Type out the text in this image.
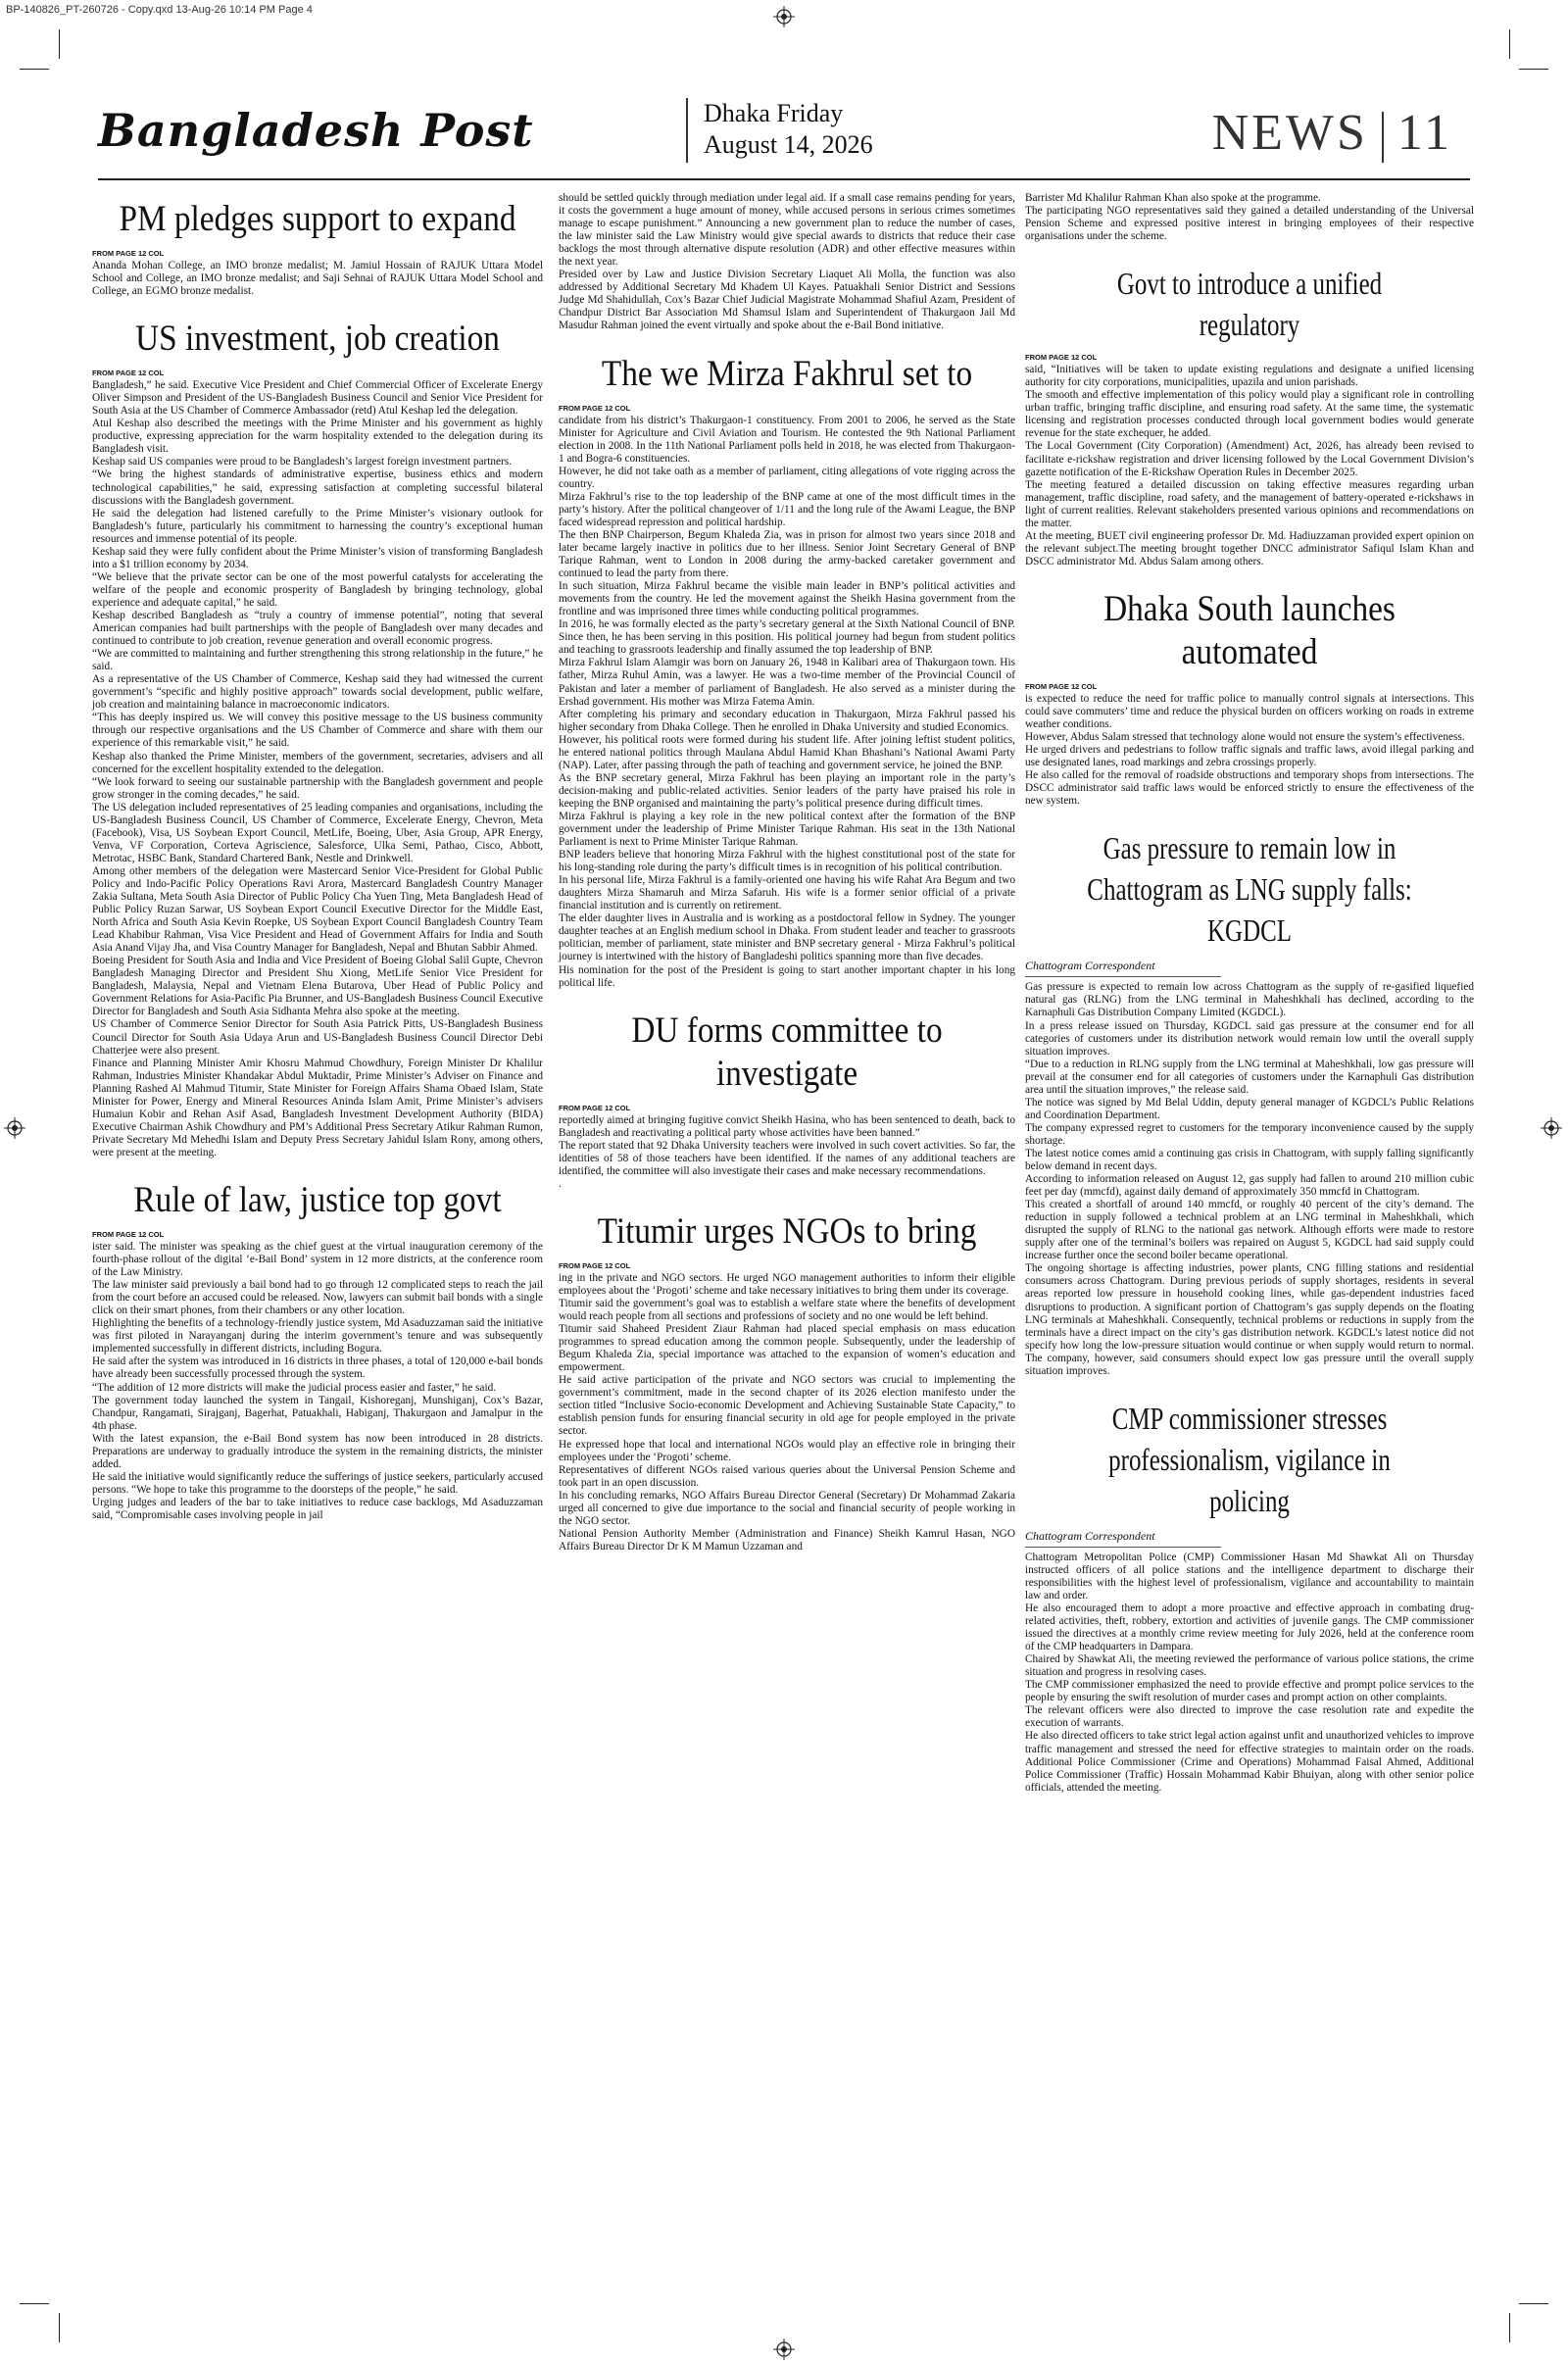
BP-140826_PT-260726 - Copy.qxd 13-Aug-26 10:14 PM Page 4
Bangladesh Post	Dhaka Friday
August 14, 2026	NEWS 11
PM pledges support to expand
FROM PAGE 12 COL

Ananda Mohan College, an IMO bronze medalist; M. Jamiul Hossain of RAJUK Uttara Model School and College, an IMO bronze medalist; and Saji Sehnai of RAJUK Uttara Model School and College, an EGMO bronze medalist.

US investment, job creation
FROM PAGE 12 COL

Bangladesh,” he said. Executive Vice President and Chief Commercial Officer of Excelerate Energy Oliver Simpson and President of the US-Bangladesh Business Council and Senior Vice President for South Asia at the US Chamber of Commerce Ambassador (retd) Atul Keshap led the delegation.

Atul Keshap also described the meetings with the Prime Minister and his government as highly productive, expressing appreciation for the warm hospitality extended to the delegation during its Bangladesh visit.

Keshap said US companies were proud to be Bangladesh’s largest foreign investment partners.

“We bring the highest standards of administrative expertise, business ethics and modern technological capabilities,” he said, expressing satisfaction at completing successful bilateral discussions with the Bangladesh government.

He said the delegation had listened carefully to the Prime Minister’s visionary outlook for Bangladesh’s future, particularly his commitment to harnessing the country’s exceptional human resources and immense potential of its people.

Keshap said they were fully confident about the Prime Minister’s vision of transforming Bangladesh into a $1 trillion economy by 2034.

“We believe that the private sector can be one of the most powerful catalysts for accelerating the welfare of the people and economic prosperity of Bangladesh by bringing technology, global experience and adequate capital,” he said.

Keshap described Bangladesh as “truly a country of immense potential”, noting that several American companies had built partnerships with the people of Bangladesh over many decades and continued to contribute to job creation, revenue generation and overall economic progress.

“We are committed to maintaining and further strengthening this strong relationship in the future,” he said.

As a representative of the US Chamber of Commerce, Keshap said they had witnessed the current government’s “specific and highly positive approach” towards social development, public welfare, job creation and maintaining balance in macroeconomic indicators.

“This has deeply inspired us. We will convey this positive message to the US business community through our respective organisations and the US Chamber of Commerce and share with them our experience of this remarkable visit,” he said.

Keshap also thanked the Prime Minister, members of the government, secretaries, advisers and all concerned for the excellent hospitality extended to the delegation.

“We look forward to seeing our sustainable partnership with the Bangladesh government and people grow stronger in the coming decades,” he said.

The US delegation included representatives of 25 leading companies and organisations, including the US-Bangladesh Business Council, US Chamber of Commerce, Excelerate Energy, Chevron, Meta (Facebook), Visa, US Soybean Export Council, MetLife, Boeing, Uber, Asia Group, APR Energy, Venva, VF Corporation, Corteva Agriscience, Salesforce, Ulka Semi, Pathao, Cisco, Abbott, Metrotac, HSBC Bank, Standard Chartered Bank, Nestle and Drinkwell.

Among other members of the delegation were Mastercard Senior Vice-President for Global Public Policy and Indo-Pacific Policy Operations Ravi Arora, Mastercard Bangladesh Country Manager Zakia Sultana, Meta South Asia Director of Public Policy Cha Yuen Ting, Meta Bangladesh Head of Public Policy Ruzan Sarwar, US Soybean Export Council Executive Director for the Middle East, North Africa and South Asia Kevin Roepke, US Soybean Export Council Bangladesh Country Team Lead Khabibur Rahman, Visa Vice President and Head of Government Affairs for India and South Asia Anand Vijay Jha, and Visa Country Manager for Bangladesh, Nepal and Bhutan Sabbir Ahmed.

Boeing President for South Asia and India and Vice President of Boeing Global Salil Gupte, Chevron Bangladesh Managing Director and President Shu Xiong, MetLife Senior Vice President for Bangladesh, Malaysia, Nepal and Vietnam Elena Butarova, Uber Head of Public Policy and Government Relations for Asia-Pacific Pia Brunner, and US-Bangladesh Business Council Executive Director for Bangladesh and South Asia Sidhanta Mehra also spoke at the meeting.

US Chamber of Commerce Senior Director for South Asia Patrick Pitts, US-Bangladesh Business Council Director for South Asia Udaya Arun and US-Bangladesh Business Council Director Debi Chatterjee were also present.

Finance and Planning Minister Amir Khosru Mahmud Chowdhury, Foreign Minister Dr Khalilur Rahman, Industries Minister Khandakar Abdul Muktadir, Prime Minister’s Adviser on Finance and Planning Rashed Al Mahmud Titumir, State Minister for Foreign Affairs Shama Obaed Islam, State Minister for Power, Energy and Mineral Resources Aninda Islam Amit, Prime Minister’s advisers Humaiun Kobir and Rehan Asif Asad, Bangladesh Investment Development Authority (BIDA) Executive Chairman Ashik Chowdhury and PM’s Additional Press Secretary Atikur Rahman Rumon, Private Secretary Md Mehedhi Islam and Deputy Press Secretary Jahidul Islam Rony, among others, were present at the meeting.

Rule of law, justice top govt
FROM PAGE 12 COL

ister said. The minister was speaking as the chief guest at the virtual inauguration ceremony of the fourth-phase rollout of the digital ‘e-Bail Bond’ system in 12 more districts, at the conference room of the Law Ministry.

The law minister said previously a bail bond had to go through 12 complicated steps to reach the jail from the court before an accused could be released. Now, lawyers can submit bail bonds with a single click on their smart phones, from their chambers or any other location.

Highlighting the benefits of a technology-friendly justice system, Md Asaduzzaman said the initiative was first piloted in Narayanganj during the interim government’s tenure and was subsequently implemented successfully in different districts, including Bogura.

He said after the system was introduced in 16 districts in three phases, a total of 120,000 e-bail bonds have already been successfully processed through the system.

“The addition of 12 more districts will make the judicial process easier and faster,” he said.

The government today launched the system in Tangail, Kishoreganj, Munshiganj, Cox’s Bazar, Chandpur, Rangamati, Sirajganj, Bagerhat, Patuakhali, Habiganj, Thakurgaon and Jamalpur in the 4th phase.

With the latest expansion, the e-Bail Bond system has now been introduced in 28 districts. Preparations are underway to gradually introduce the system in the remaining districts, the minister added.

He said the initiative would significantly reduce the sufferings of justice seekers, particularly accused persons. “We hope to take this programme to the doorsteps of the people,” he said.

Urging judges and leaders of the bar to take initiatives to reduce case backlogs, Md Asaduzzaman said, “Compromisable cases involving people in jail

should be settled quickly through mediation under legal aid. If a small case remains pending for years, it costs the government a huge amount of money, while accused persons in serious crimes sometimes manage to escape punishment.” Announcing a new government plan to reduce the number of cases, the law minister said the Law Ministry would give special awards to districts that reduce their case backlogs the most through alternative dispute resolution (ADR) and other effective measures within the next year.

Presided over by Law and Justice Division Secretary Liaquet Ali Molla, the function was also addressed by Additional Secretary Md Khadem Ul Kayes. Patuakhali Senior District and Sessions Judge Md Shahidullah, Cox’s Bazar Chief Judicial Magistrate Mohammad Shafiul Azam, President of Chandpur District Bar Association Md Shamsul Islam and Superintendent of Thakurgaon Jail Md Masudur Rahman joined the event virtually and spoke about the e-Bail Bond initiative.

The we Mirza Fakhrul set to
FROM PAGE 12 COL

candidate from his district’s Thakurgaon-1 constituency. From 2001 to 2006, he served as the State Minister for Agriculture and Civil Aviation and Tourism. He contested the 9th National Parliament election in 2008. In the 11th National Parliament polls held in 2018, he was elected from Thakurgaon-1 and Bogra-6 constituencies.

However, he did not take oath as a member of parliament, citing allegations of vote rigging across the country.

Mirza Fakhrul’s rise to the top leadership of the BNP came at one of the most difficult times in the party’s history. After the political changeover of 1/11 and the long rule of the Awami League, the BNP faced widespread repression and political hardship.

The then BNP Chairperson, Begum Khaleda Zia, was in prison for almost two years since 2018 and later became largely inactive in politics due to her illness. Senior Joint Secretary General of BNP Tarique Rahman, went to London in 2008 during the army-backed caretaker government and continued to lead the party from there.

In such situation, Mirza Fakhrul became the visible main leader in BNP’s political activities and movements from the country. He led the movement against the Sheikh Hasina government from the frontline and was imprisoned three times while conducting political programmes.

In 2016, he was formally elected as the party’s secretary general at the Sixth National Council of BNP. Since then, he has been serving in this position. His political journey had begun from student politics and teaching to grassroots leadership and finally assumed the top leadership of BNP.

Mirza Fakhrul Islam Alamgir was born on January 26, 1948 in Kalibari area of Thakurgaon town. His father, Mirza Ruhul Amin, was a lawyer. He was a two-time member of the Provincial Council of Pakistan and later a member of parliament of Bangladesh. He also served as a minister during the Ershad government. His mother was Mirza Fatema Amin.

After completing his primary and secondary education in Thakurgaon, Mirza Fakhrul passed his higher secondary from Dhaka College. Then he enrolled in Dhaka University and studied Economics.

However, his political roots were formed during his student life. After joining leftist student politics, he entered national politics through Maulana Abdul Hamid Khan Bhashani’s National Awami Party (NAP). Later, after passing through the path of teaching and government service, he joined the BNP.

As the BNP secretary general, Mirza Fakhrul has been playing an important role in the party’s decision-making and public-related activities. Senior leaders of the party have praised his role in keeping the BNP organised and maintaining the party’s political presence during difficult times.

Mirza Fakhrul is playing a key role in the new political context after the formation of the BNP government under the leadership of Prime Minister Tarique Rahman. His seat in the 13th National Parliament is next to Prime Minister Tarique Rahman.

BNP leaders believe that honoring Mirza Fakhrul with the highest constitutional post of the state for his long-standing role during the party’s difficult times is in recognition of his political contribution.

In his personal life, Mirza Fakhrul is a family-oriented one having his wife Rahat Ara Begum and two daughters Mirza Shamaruh and Mirza Safaruh. His wife is a former senior official of a private financial institution and is currently on retirement.

The elder daughter lives in Australia and is working as a postdoctoral fellow in Sydney. The younger daughter teaches at an English medium school in Dhaka. From student leader and teacher to grassroots politician, member of parliament, state minister and BNP secretary general - Mirza Fakhrul’s political journey is intertwined with the history of Bangladeshi politics spanning more than five decades.

His nomination for the post of the President is going to start another important chapter in his long political life.

DU forms committee to investigate
FROM PAGE 12 COL

reportedly aimed at bringing fugitive convict Sheikh Hasina, who has been sentenced to death, back to Bangladesh and reactivating a political party whose activities have been banned.”

The report stated that 92 Dhaka University teachers were involved in such covert activities. So far, the identities of 58 of those teachers have been identified. If the names of any additional teachers are identified, the committee will also investigate their cases and make necessary recommendations.

.

Titumir urges NGOs to bring
FROM PAGE 12 COL

ing in the private and NGO sectors. He urged NGO management authorities to inform their eligible employees about the ‘Progoti’ scheme and take necessary initiatives to bring them under its coverage.

Titumir said the government’s goal was to establish a welfare state where the benefits of development would reach people from all sections and professions of society and no one would be left behind.

Titumir said Shaheed President Ziaur Rahman had placed special emphasis on mass education programmes to spread education among the common people. Subsequently, under the leadership of Begum Khaleda Zia, special importance was attached to the expansion of women’s education and empowerment.

He said active participation of the private and NGO sectors was crucial to implementing the government’s commitment, made in the second chapter of its 2026 election manifesto under the section titled “Inclusive Socio-economic Development and Achieving Sustainable State Capacity,” to establish pension funds for ensuring financial security in old age for people employed in the private sector.

He expressed hope that local and international NGOs would play an effective role in bringing their employees under the ‘Progoti’ scheme.

Representatives of different NGOs raised various queries about the Universal Pension Scheme and took part in an open discussion.

In his concluding remarks, NGO Affairs Bureau Director General (Secretary) Dr Mohammad Zakaria urged all concerned to give due importance to the social and financial security of people working in the NGO sector.

National Pension Authority Member (Administration and Finance) Sheikh Kamrul Hasan, NGO Affairs Bureau Director Dr K M Mamun Uzzaman and

Barrister Md Khalilur Rahman Khan also spoke at the programme.

The participating NGO representatives said they gained a detailed understanding of the Universal Pension Scheme and expressed positive interest in bringing employees of their respective organisations under the scheme.

Govt to introduce a unified regulatory
FROM PAGE 12 COL

said, “Initiatives will be taken to update existing regulations and designate a unified licensing authority for city corporations, municipalities, upazila and union parishads.

The smooth and effective implementation of this policy would play a significant role in controlling urban traffic, bringing traffic discipline, and ensuring road safety. At the same time, the systematic licensing and registration processes conducted through local government bodies would generate revenue for the state exchequer, he added.

The Local Government (City Corporation) (Amendment) Act, 2026, has already been revised to facilitate e-rickshaw registration and driver licensing followed by the Local Government Division’s gazette notification of the E-Rickshaw Operation Rules in December 2025.

The meeting featured a detailed discussion on taking effective measures regarding urban management, traffic discipline, road safety, and the management of battery-operated e-rickshaws in light of current realities. Relevant stakeholders presented various opinions and recommendations on the matter.

At the meeting, BUET civil engineering professor Dr. Md. Hadiuzzaman provided expert opinion on the relevant subject.The meeting brought together DNCC administrator Safiqul Islam Khan and DSCC administrator Md. Abdus Salam among others.

Dhaka South launches automated
FROM PAGE 12 COL

is expected to reduce the need for traffic police to manually control signals at intersections. This could save commuters’ time and reduce the physical burden on officers working on roads in extreme weather conditions.

However, Abdus Salam stressed that technology alone would not ensure the system’s effectiveness.

He urged drivers and pedestrians to follow traffic signals and traffic laws, avoid illegal parking and use designated lanes, road markings and zebra crossings properly.

He also called for the removal of roadside obstructions and temporary shops from intersections. The DSCC administrator said traffic laws would be enforced strictly to ensure the effectiveness of the new system.

Gas pressure to remain low in Chattogram as LNG supply falls: KGDCL
Chattogram Correspondent

Gas pressure is expected to remain low across Chattogram as the supply of re-gasified liquefied natural gas (RLNG) from the LNG terminal in Maheshkhali has declined, according to the Karnaphuli Gas Distribution Company Limited (KGDCL).

In a press release issued on Thursday, KGDCL said gas pressure at the consumer end for all categories of customers under its distribution network would remain low until the overall supply situation improves.

“Due to a reduction in RLNG supply from the LNG terminal at Maheshkhali, low gas pressure will prevail at the consumer end for all categories of customers under the Karnaphuli Gas distribution area until the situation improves,” the release said.

The notice was signed by Md Belal Uddin, deputy general manager of KGDCL’s Public Relations and Coordination Department.

The company expressed regret to customers for the temporary inconvenience caused by the supply shortage.

The latest notice comes amid a continuing gas crisis in Chattogram, with supply falling significantly below demand in recent days.

According to information released on August 12, gas supply had fallen to around 210 million cubic feet per day (mmcfd), against daily demand of approximately 350 mmcfd in Chattogram.

This created a shortfall of around 140 mmcfd, or roughly 40 percent of the city’s demand. The reduction in supply followed a technical problem at an LNG terminal in Maheshkhali, which disrupted the supply of RLNG to the national gas network. Although efforts were made to restore supply after one of the terminal’s boilers was repaired on August 5, KGDCL had said supply could increase further once the second boiler became operational.

The ongoing shortage is affecting industries, power plants, CNG filling stations and residential consumers across Chattogram. During previous periods of supply shortages, residents in several areas reported low pressure in household cooking lines, while gas-dependent industries faced disruptions to production. A significant portion of Chattogram’s gas supply depends on the floating LNG terminals at Maheshkhali. Consequently, technical problems or reductions in supply from the terminals have a direct impact on the city’s gas distribution network. KGDCL’s latest notice did not specify how long the low-pressure situation would continue or when supply would return to normal. The company, however, said consumers should expect low gas pressure until the overall supply situation improves.

CMP commissioner stresses professionalism, vigilance in policing
Chattogram Correspondent

Chattogram Metropolitan Police (CMP) Commissioner Hasan Md Shawkat Ali on Thursday instructed officers of all police stations and the intelligence department to discharge their responsibilities with the highest level of professionalism, vigilance and accountability to maintain law and order.

He also encouraged them to adopt a more proactive and effective approach in combating drug-related activities, theft, robbery, extortion and activities of juvenile gangs. The CMP commissioner issued the directives at a monthly crime review meeting for July 2026, held at the conference room of the CMP headquarters in Dampara.

Chaired by Shawkat Ali, the meeting reviewed the performance of various police stations, the crime situation and progress in resolving cases.

The CMP commissioner emphasized the need to provide effective and prompt police services to the people by ensuring the swift resolution of murder cases and prompt action on other complaints.

The relevant officers were also directed to improve the case resolution rate and expedite the execution of warrants.

He also directed officers to take strict legal action against unfit and unauthorized vehicles to improve traffic management and stressed the need for effective strategies to maintain order on the roads. Additional Police Commissioner (Crime and Operations) Mohammad Faisal Ahmed, Additional Police Commissioner (Traffic) Hossain Mohammad Kabir Bhuiyan, along with other senior police officials, attended the meeting.
